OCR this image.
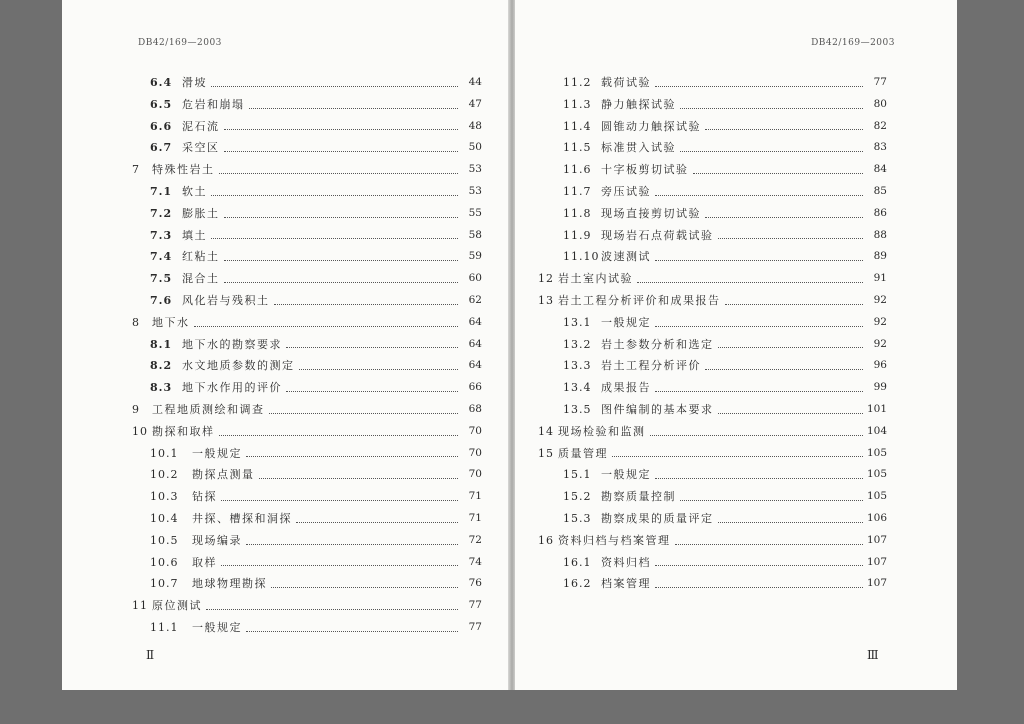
DB42/169—2003
6.4 滑坡	44
6.5 危岩和崩塌	47
6.6 泥石流	48
6.7 采空区	50
7	特殊性岩土	53
7.1 软土	53
7.2 膨胀土	55
7.3 填土	58
7.4 红粘土	59
7.5 混合土	60
7.6 风化岩与残积土	62
8	地下水	64
8.1 地下水的勘察要求	64
8.2 水文地质参数的测定	64
8.3 地下水作用的评价	66
9	工程地质测绘和调查	68
10 勘探和取样	70
10.1	一般规定	70
10.2	勘探点测量	70
10.3	钻探	71
10.4	井探、槽探和洞探	71
10.5	现场编录	72
10.6	取样	74
10.7	地球物理勘探	76
11 原位测试	77
11.1	一般规定	77
Ⅱ
DB42/169—2003
11.2 载荷试验	77
11.3 静力触探试验	80
11.4 圆锥动力触探试验	82
11.5 标准贯入试验	83
11.6 十字板剪切试验	84
11.7 旁压试验	85
11.8 现场直接剪切试验	86
11.9 现场岩石点荷载试验	88
11.10 波速测试	89
12 岩土室内试验	91
13 岩土工程分析评价和成果报告	92
13.1 一般规定	92
13.2 岩土参数分析和选定	92
13.3 岩土工程分析评价	96
13.4 成果报告	99
13.5 图件编制的基本要求	101
14 现场检验和监测	104
15 质量管理	105
15.1 一般规定	105
15.2 勘察质量控制	105
15.3 勘察成果的质量评定	106
16 资料归档与档案管理	107
16.1 资料归档	107
16.2 档案管理	107
Ⅲ
